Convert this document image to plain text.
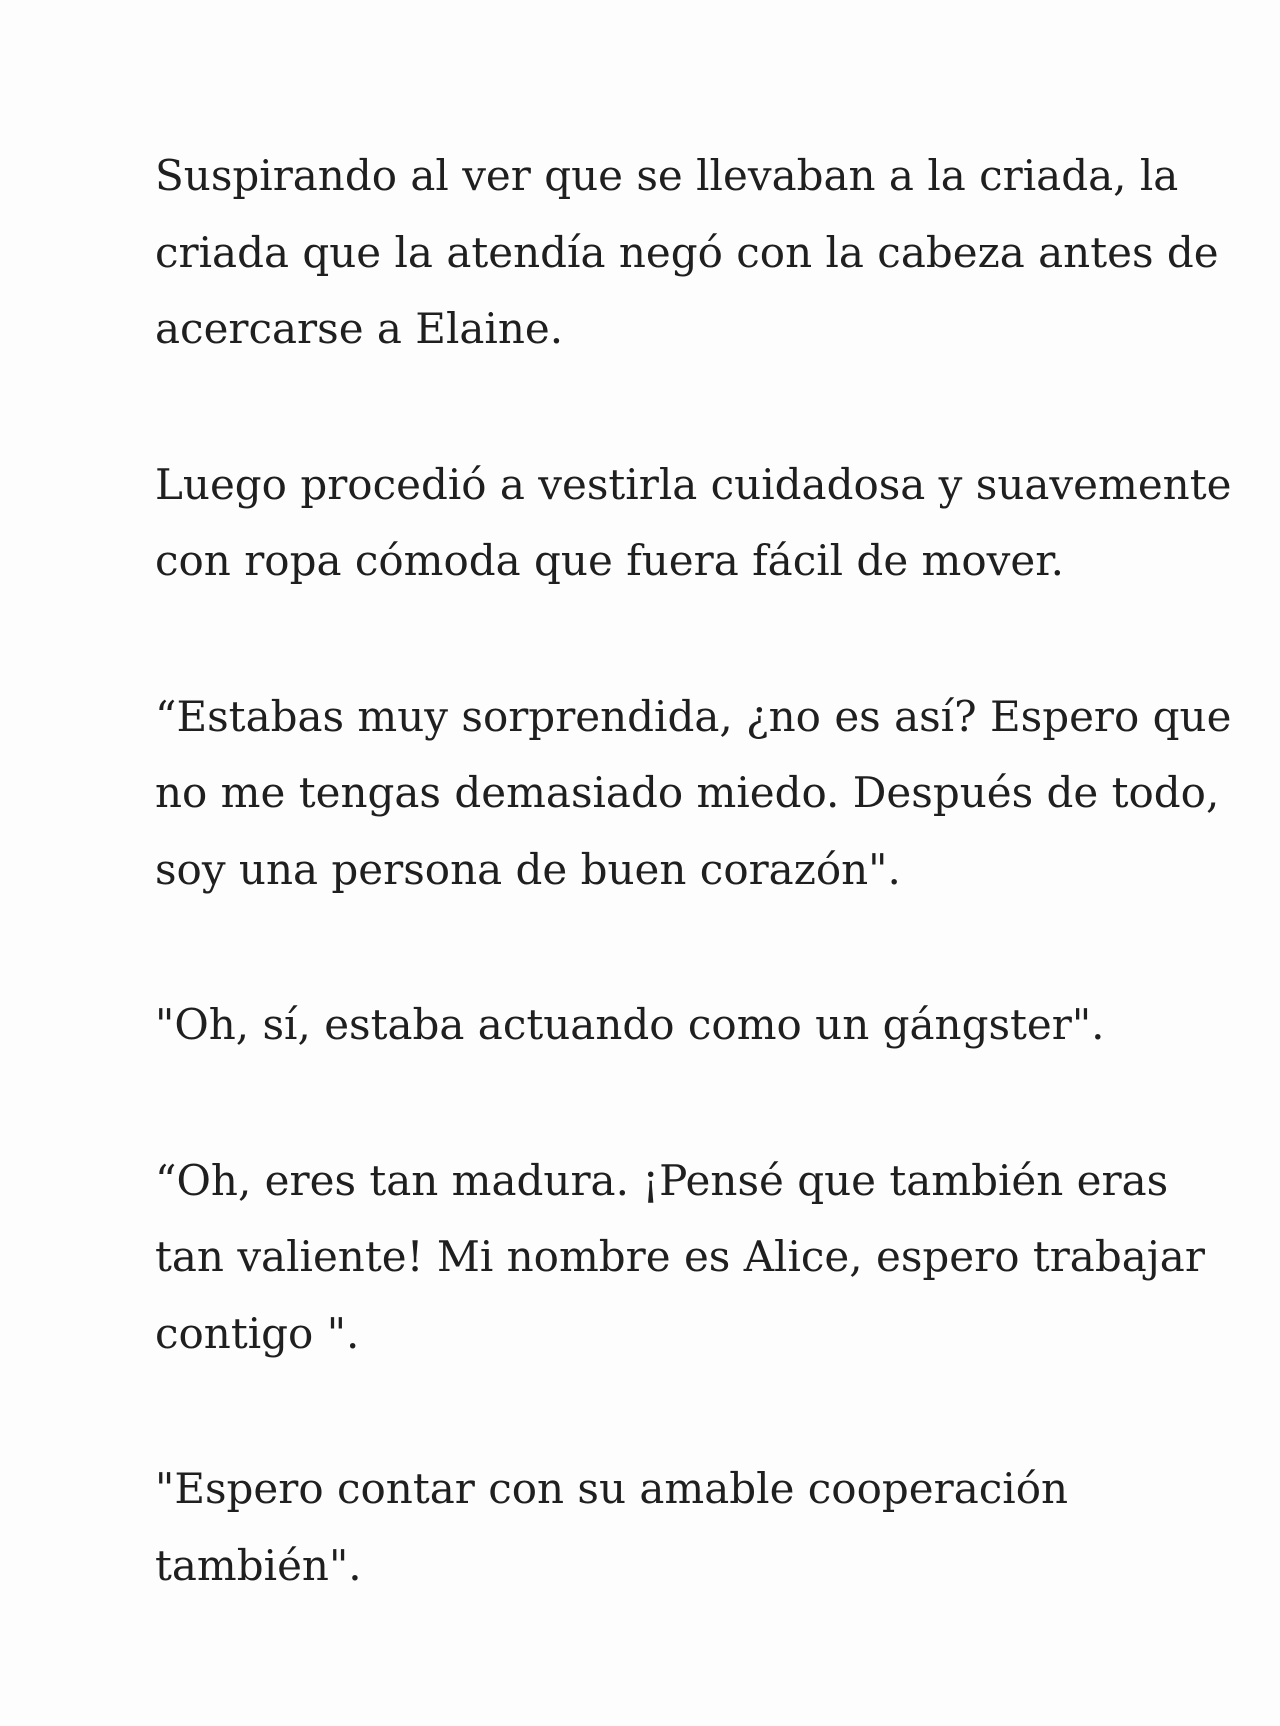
Suspirando al ver que se llevaban a la criada, la
criada que la atendía negó con la cabeza antes de
acercarse a Elaine.

Luego procedió a vestirla cuidadosa y suavemente
con ropa cómoda que fuera fácil de mover.

“Estabas muy sorprendida, ¿no es así? Espero que
no me tengas demasiado miedo. Después de todo,
soy una persona de buen corazón".

"Oh, sí, estaba actuando como un gángster".

“Oh, eres tan madura. ¡Pensé que también eras
tan valiente! Mi nombre es Alice, espero trabajar
contigo ".

"Espero contar con su amable cooperación
también".
